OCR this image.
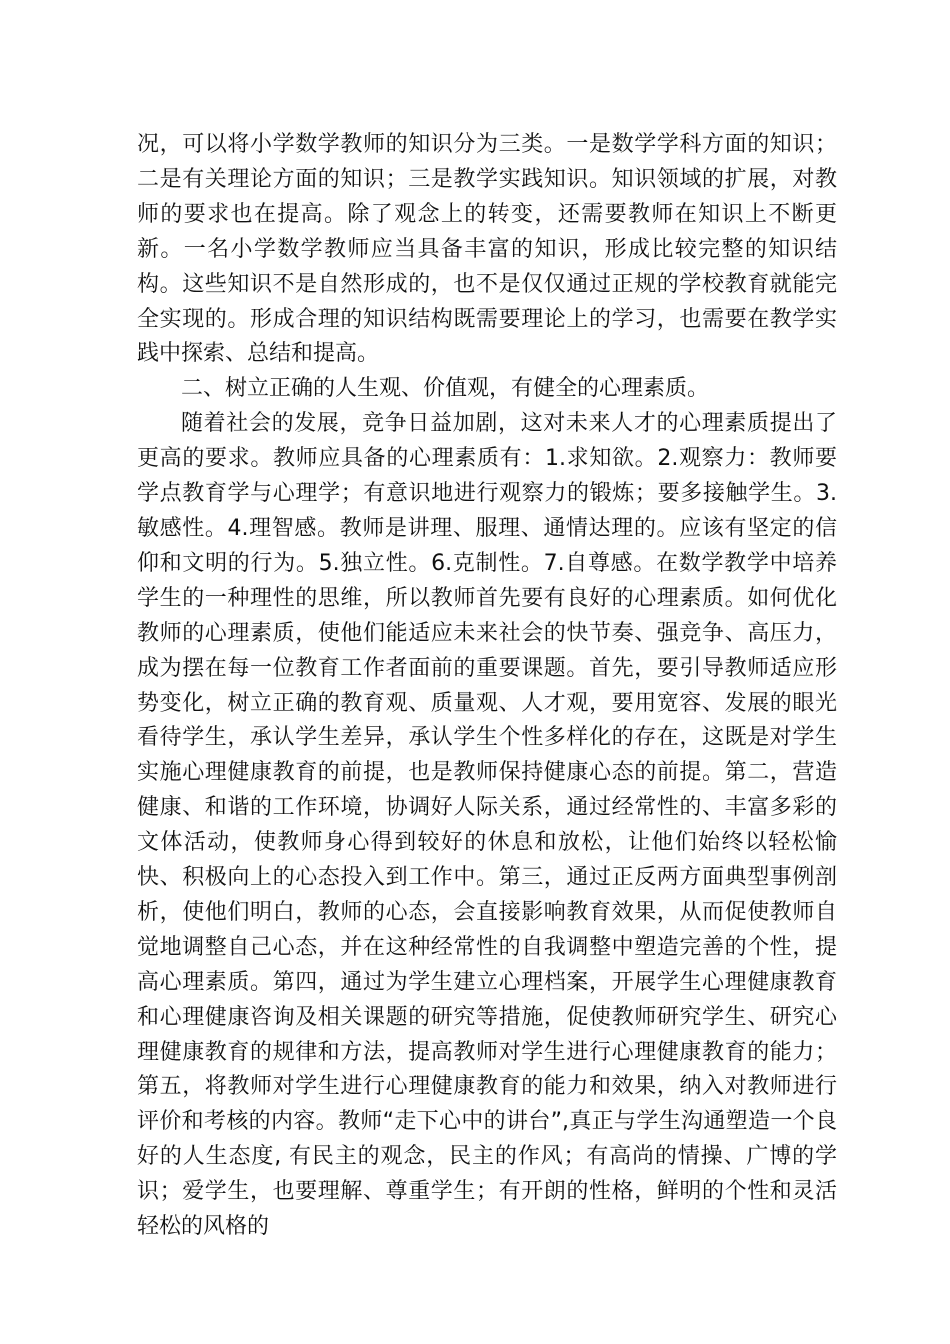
况，可以将小学数学教师的知识分为三类。一是数学学科方面的知识；二是有关理论方面的知识；三是教学实践知识。知识领域的扩展，对教师的要求也在提高。除了观念上的转变，还需要教师在知识上不断更新。一名小学数学教师应当具备丰富的知识，形成比较完整的知识结构。这些知识不是自然形成的，也不是仅仅通过正规的学校教育就能完全实现的。形成合理的知识结构既需要理论上的学习，也需要在教学实践中探索、总结和提高。

二、树立正确的人生观、价值观，有健全的心理素质。

随着社会的发展，竞争日益加剧，这对未来人才的心理素质提出了更高的要求。教师应具备的心理素质有：1.求知欲。2.观察力：教师要学点教育学与心理学；有意识地进行观察力的锻炼；要多接触学生。3.敏感性。4.理智感。教师是讲理、服理、通情达理的。应该有坚定的信仰和文明的行为。5.独立性。6.克制性。7.自尊感。在数学教学中培养学生的一种理性的思维，所以教师首先要有良好的心理素质。如何优化教师的心理素质，使他们能适应未来社会的快节奏、强竞争、高压力，成为摆在每一位教育工作者面前的重要课题。首先，要引导教师适应形势变化，树立正确的教育观、质量观、人才观，要用宽容、发展的眼光看待学生，承认学生差异，承认学生个性多样化的存在，这既是对学生实施心理健康教育的前提，也是教师保持健康心态的前提。第二，营造健康、和谐的工作环境，协调好人际关系，通过经常性的、丰富多彩的文体活动，使教师身心得到较好的休息和放松，让他们始终以轻松愉快、积极向上的心态投入到工作中。第三，通过正反两方面典型事例剖析，使他们明白，教师的心态，会直接影响教育效果，从而促使教师自觉地调整自己心态，并在这种经常性的自我调整中塑造完善的个性，提高心理素质。第四，通过为学生建立心理档案，开展学生心理健康教育和心理健康咨询及相关课题的研究等措施，促使教师研究学生、研究心理健康教育的规律和方法，提高教师对学生进行心理健康教育的能力；第五，将教师对学生进行心理健康教育的能力和效果，纳入对教师进行评价和考核的内容。教师“走下心中的讲台”,真正与学生沟通塑造一个良好的人生态度, 有民主的观念，民主的作风；有高尚的情操、广博的学识；爱学生，也要理解、尊重学生；有开朗的性格，鲜明的个性和灵活轻松的风格的
